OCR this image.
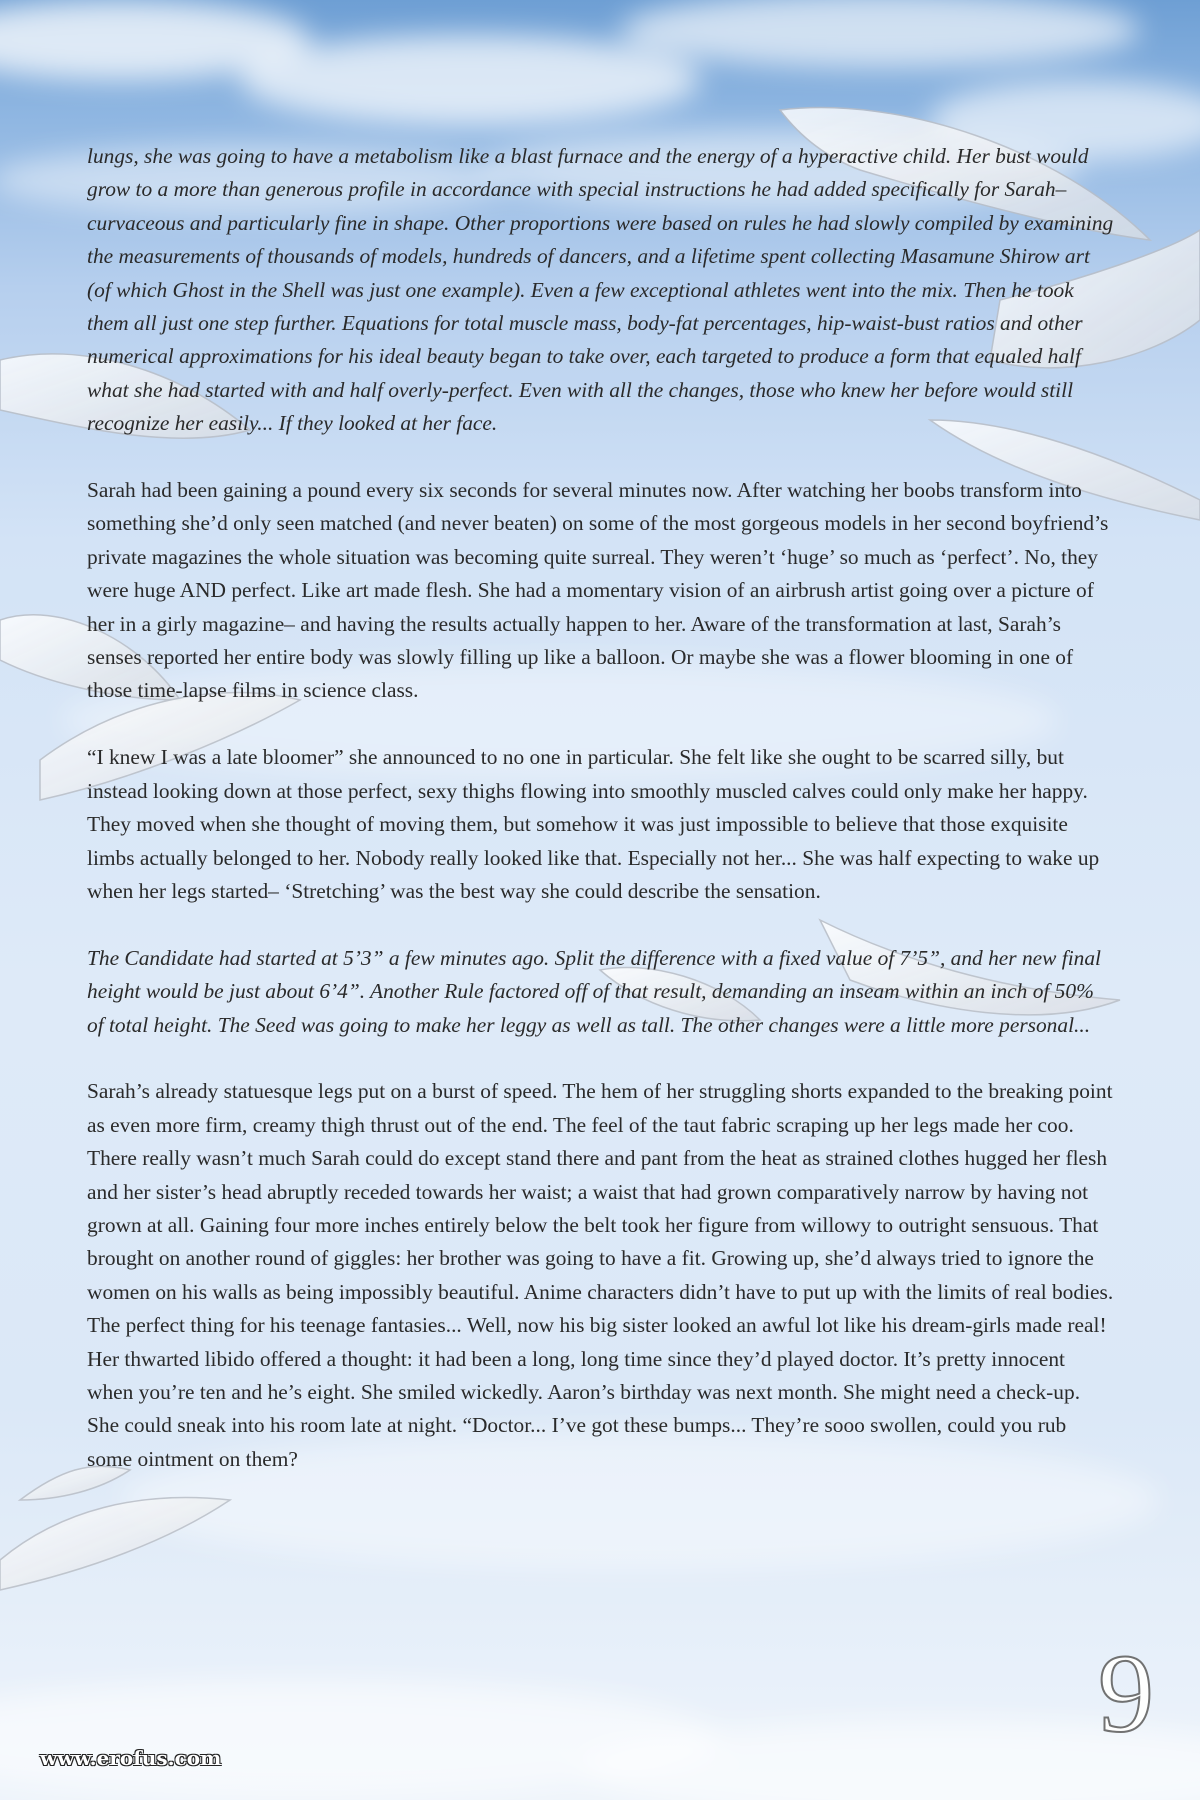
lungs, she was going to have a metabolism like a blast furnace and the energy of a hyperactive child. Her bust would grow to a more than generous profile in accordance with special instructions he had added specifically for Sarah– curvaceous and particularly fine in shape. Other proportions were based on rules he had slowly compiled by examining the measurements of thousands of models, hundreds of dancers, and a lifetime spent collecting Masamune Shirow art (of which Ghost in the Shell was just one example). Even a few exceptional athletes went into the mix. Then he took them all just one step further. Equations for total muscle mass, body-fat percentages, hip-waist-bust ratios and other numerical approximations for his ideal beauty began to take over, each targeted to produce a form that equaled half what she had started with and half overly-perfect. Even with all the changes, those who knew her before would still recognize her easily... If they looked at her face.

Sarah had been gaining a pound every six seconds for several minutes now. After watching her boobs transform into something she’d only seen matched (and never beaten) on some of the most gorgeous models in her second boyfriend’s private magazines the whole situation was becoming quite surreal. They weren’t ‘huge’ so much as ‘perfect’. No, they were huge AND perfect. Like art made flesh. She had a momentary vision of an airbrush artist going over a picture of her in a girly magazine– and having the results actually happen to her. Aware of the transformation at last, Sarah’s senses reported her entire body was slowly filling up like a balloon. Or maybe she was a flower blooming in one of those time-lapse films in science class.

“I knew I was a late bloomer” she announced to no one in particular. She felt like she ought to be scarred silly, but instead looking down at those perfect, sexy thighs flowing into smoothly muscled calves could only make her happy. They moved when she thought of moving them, but somehow it was just impossible to believe that those exquisite limbs actually belonged to her. Nobody really looked like that. Especially not her... She was half expecting to wake up when her legs started– ‘Stretching’ was the best way she could describe the sensation.

The Candidate had started at 5’3” a few minutes ago. Split the difference with a fixed value of 7’5”, and her new final height would be just about 6’4”. Another Rule factored off of that result, demanding an inseam within an inch of 50% of total height. The Seed was going to make her leggy as well as tall. The other changes were a little more personal...

Sarah’s already statuesque legs put on a burst of speed. The hem of her struggling shorts expanded to the breaking point as even more firm, creamy thigh thrust out of the end. The feel of the taut fabric scraping up her legs made her coo. There really wasn’t much Sarah could do except stand there and pant from the heat as strained clothes hugged her flesh and her sister’s head abruptly receded towards her waist; a waist that had grown comparatively narrow by having not grown at all. Gaining four more inches entirely below the belt took her figure from willowy to outright sensuous. That brought on another round of giggles: her brother was going to have a fit. Growing up, she’d always tried to ignore the women on his walls as being impossibly beautiful. Anime characters didn’t have to put up with the limits of real bodies. The perfect thing for his teenage fantasies... Well, now his big sister looked an awful lot like his dream-girls made real! Her thwarted libido offered a thought: it had been a long, long time since they’d played doctor. It’s pretty innocent when you’re ten and he’s eight. She smiled wickedly. Aaron’s birthday was next month. She might need a check-up. She could sneak into his room late at night. “Doctor... I’ve got these bumps... They’re sooo swollen, could you rub some ointment on them?

9
www.erofus.com
